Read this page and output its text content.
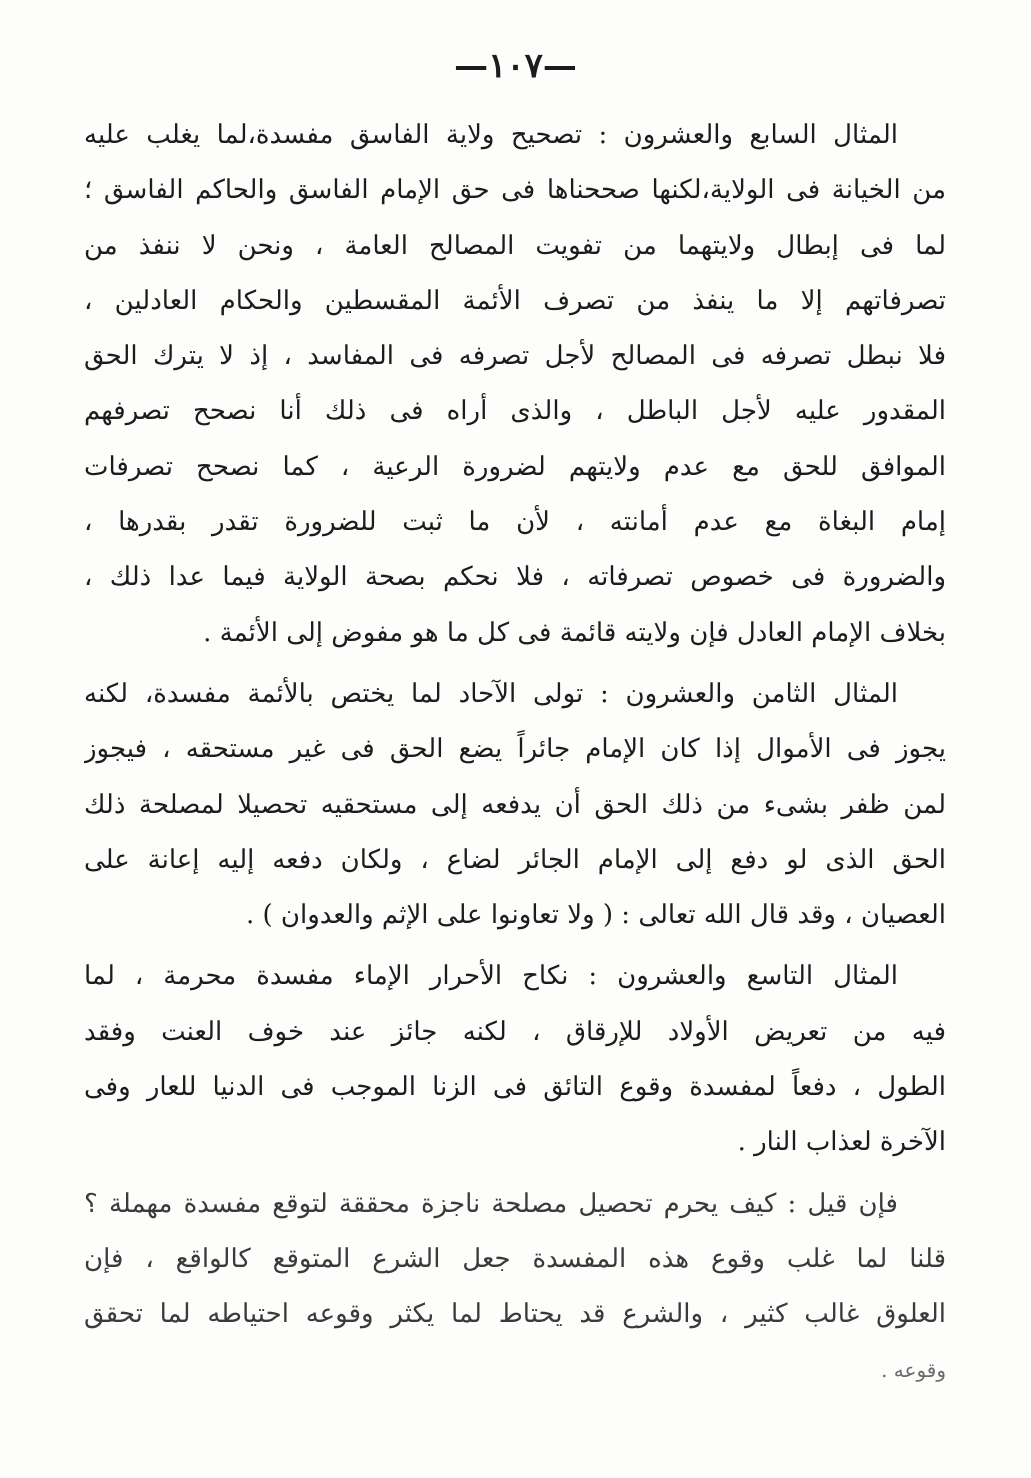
—١٠٧—
المثال السابع والعشرون : تصحيح ولاية الفاسق مفسدة،لما يغلب عليه
من الخيانة فى الولاية،لكنها صححناها فى حق الإمام الفاسق والحاكم الفاسق ؛
لما فى إبطال ولايتهما من تفويت المصالح العامة ، ونحن لا ننفذ من
تصرفاتهم إلا ما ينفذ من تصرف الأئمة المقسطين والحكام العادلين ،
فلا نبطل تصرفه فى المصالح لأجل تصرفه فى المفاسد ، إذ لا يترك الحق
المقدور عليه لأجل الباطل ، والذى أراه فى ذلك أنا نصحح تصرفهم
الموافق للحق مع عدم ولايتهم لضرورة الرعية ، كما نصحح تصرفات
إمام البغاة مع عدم أمانته ، لأن ما ثبت للضرورة تقدر بقدرها ،
والضرورة فى خصوص تصرفاته ، فلا نحكم بصحة الولاية فيما عدا ذلك ،
بخلاف الإمام العادل فإن ولايته قائمة فى كل ما هو مفوض إلى الأئمة .
المثال الثامن والعشرون : تولى الآحاد لما يختص بالأئمة مفسدة، لكنه
يجوز فى الأموال إذا كان الإمام جائراً يضع الحق فى غير مستحقه ، فيجوز
لمن ظفر بشىء من ذلك الحق أن يدفعه إلى مستحقيه تحصيلا لمصلحة ذلك
الحق الذى لو دفع إلى الإمام الجائر لضاع ، ولكان دفعه إليه إعانة على
العصيان ، وقد قال الله تعالى : ( ولا تعاونوا على الإثم والعدوان ) .
المثال التاسع والعشرون : نكاح الأحرار الإماء مفسدة محرمة ، لما
فيه من تعريض الأولاد للإرقاق ، لكنه جائز عند خوف العنت وفقد
الطول ، دفعاً لمفسدة وقوع التائق فى الزنا الموجب فى الدنيا للعار وفى
الآخرة لعذاب النار .
فإن قيل : كيف يحرم تحصيل مصلحة ناجزة محققة لتوقع مفسدة مهملة ؟
قلنا لما غلب وقوع هذه المفسدة جعل الشرع المتوقع كالواقع ، فإن
العلوق غالب كثير ، والشرع قد يحتاط لما يكثر وقوعه احتياطه لما تحقق
وقوعه .
